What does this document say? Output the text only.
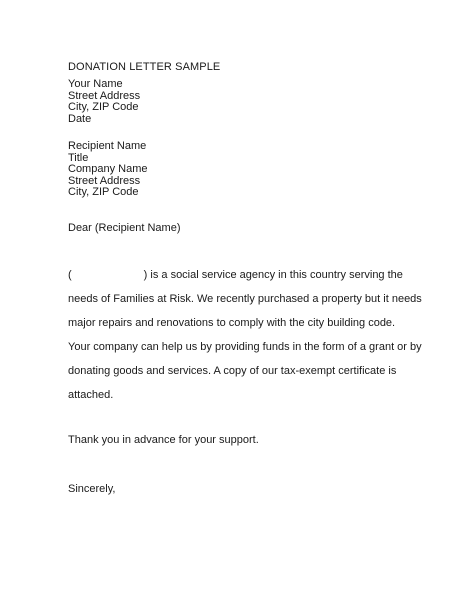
DONATION LETTER SAMPLE
Your Name
Street Address
City, ZIP Code
Date
Recipient Name
Title
Company Name
Street Address
City, ZIP Code
Dear (Recipient Name)
(	) is a social service agency in this country serving the
needs of Families at Risk. We recently purchased a property but it needs
major repairs and renovations to comply with the city building code.
Your company can help us by providing funds in the form of a grant or by
donating goods and services. A copy of our tax-exempt certificate is
attached.
Thank you in advance for your support.
Sincerely,
